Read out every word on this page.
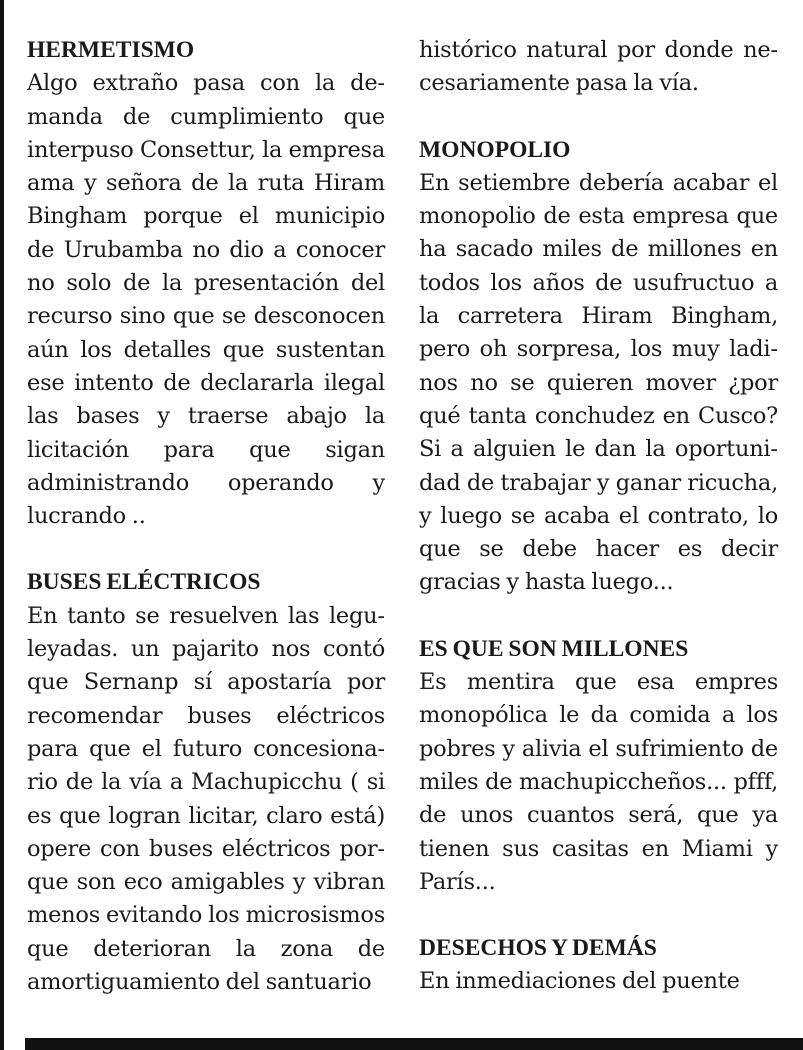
HERMETISMO
Algo extraño pasa con la demanda de cumplimiento que interpuso Consettur, la empresa ama y señora de la ruta Hiram Bingham porque el municipio de Urubamba no dio a conocer no solo de la presentación del recurso sino que se desconocen aún los detalles que sustentan ese intento de declararla ilegal las bases y traerse abajo la licitación para que sigan administrando operando y lucrando ..

BUSES ELÉCTRICOS
En tanto se resuelven las leguleyadas. un pajarito nos contó que Sernanp sí apostaría por recomendar buses eléctricos para que el futuro concesionario de la vía a Machupicchu ( si es que logran licitar, claro está) opere con buses eléctricos porque son eco amigables y vibran menos evitando los microsismos que deterioran la zona de amortiguamiento del santuario

histórico natural por donde necesariamente pasa la vía.

MONOPOLIO
En setiembre debería acabar el monopolio de esta empresa que ha sacado miles de millones en todos los años de usufructuo a la carretera Hiram Bingham, pero oh sorpresa, los muy ladinos no se quieren mover ¿por qué tanta conchudez en Cusco? Si a alguien le dan la oportunidad de trabajar y ganar ricucha, y luego se acaba el contrato, lo que se debe hacer es decir gracias y hasta luego...

ES QUE SON MILLONES
Es mentira que esa empres monopólica le da comida a los pobres y alivia el sufrimiento de miles de machupiccheños... pfff, de unos cuantos será, que ya tienen sus casitas en Miami y París...

DESECHOS Y DEMÁS
En inmediaciones del puente
